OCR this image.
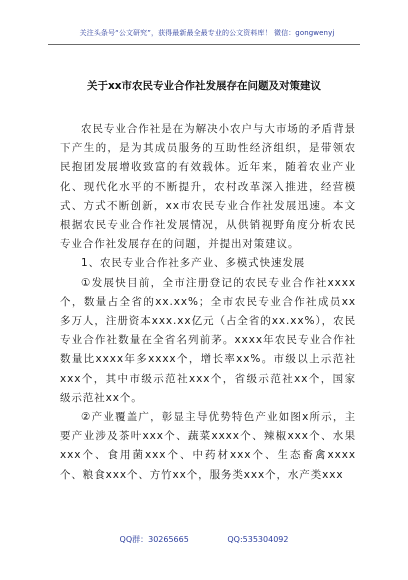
关注头条号“公文研究”，获得最新最全最专业的公文资料库！ 微信：gongwenyj
关于xx市农民专业合作社发展存在问题及对策建议

农民专业合作社是在为解决小农户与大市场的矛盾背景下产生的，是为其成员服务的互助性经济组织，是带领农民抱团发展增收致富的有效载体。近年来，随着农业产业化、现代化水平的不断提升，农村改革深入推进，经营模式、方式不断创新，xx市农民专业合作社发展迅速。本文根据农民专业合作社发展情况，从供销视野角度分析农民专业合作社发展存在的问题，并提出对策建议。

1、农民专业合作社多产业、多模式快速发展

①发展快目前，全市注册登记的农民专业合作社xxxx个，数量占全省的xx.xx%；全市农民专业合作社成员xx多万人，注册资本xxx.xx亿元（占全省的xx.xx%），农民专业合作社数量在全省名列前茅。xxxx年农民专业合作社数量比xxxx年多xxxx个，增长率xx%。市级以上示范社xxx个，其中市级示范社xxx个，省级示范社xx个，国家级示范社xx个。

②产业覆盖广，彰显主导优势特色产业如图x所示，主要产业涉及茶叶xxx个、蔬菜xxxx个、辣椒xxx个、水果xxx个、食用菌xxx个、中药材xxx个、生态畜禽xxxx个、粮食xxx个、方竹xx个，服务类xxx个，水产类xxx

QQ群：30265665	QQ:535304092
